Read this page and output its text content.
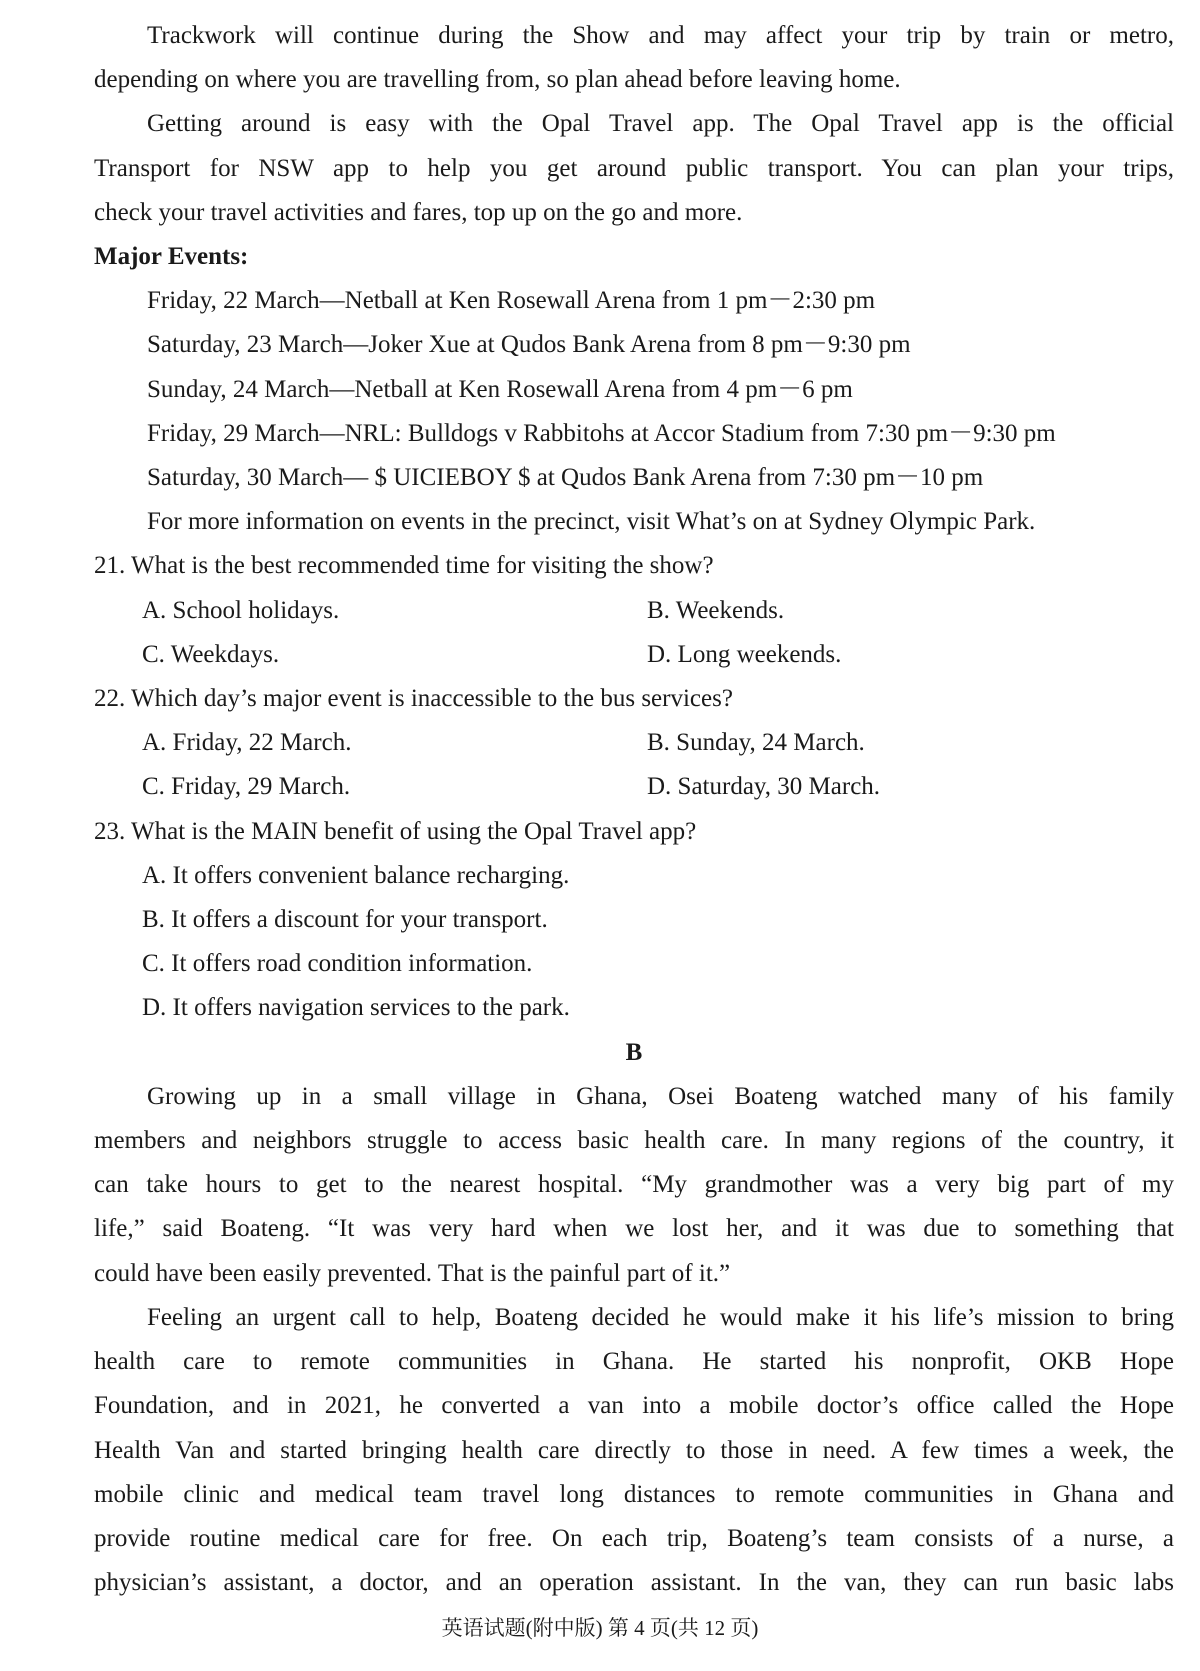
Trackwork will continue during the Show and may affect your trip by train or metro,

depending on where you are travelling from, so plan ahead before leaving home.

Getting around is easy with the Opal Travel app. The Opal Travel app is the official

Transport for NSW app to help you get around public transport. You can plan your trips,

check your travel activities and fares, top up on the go and more.

Major Events:

Friday, 22 March—Netball at Ken Rosewall Arena from 1 pm－2:30 pm

Saturday, 23 March—Joker Xue at Qudos Bank Arena from 8 pm－9:30 pm

Sunday, 24 March—Netball at Ken Rosewall Arena from 4 pm－6 pm

Friday, 29 March—NRL: Bulldogs v Rabbitohs at Accor Stadium from 7:30 pm－9:30 pm

Saturday, 30 March— $ UICIEBOY $ at Qudos Bank Arena from 7:30 pm－10 pm

For more information on events in the precinct, visit What’s on at Sydney Olympic Park.

21. What is the best recommended time for visiting the show?

A. School holidays.	B. Weekends.
C. Weekdays.	D. Long weekends.

22. Which day’s major event is inaccessible to the bus services?

A. Friday, 22 March.	B. Sunday, 24 March.
C. Friday, 29 March.	D. Saturday, 30 March.

23. What is the MAIN benefit of using the Opal Travel app?

A. It offers convenient balance recharging.

B. It offers a discount for your transport.

C. It offers road condition information.

D. It offers navigation services to the park.

B

Growing up in a small village in Ghana, Osei Boateng watched many of his family

members and neighbors struggle to access basic health care. In many regions of the country, it

can take hours to get to the nearest hospital. “My grandmother was a very big part of my

life,” said Boateng. “It was very hard when we lost her, and it was due to something that

could have been easily prevented. That is the painful part of it.”

Feeling an urgent call to help, Boateng decided he would make it his life’s mission to bring

health care to remote communities in Ghana. He started his nonprofit, OKB Hope

Foundation, and in 2021, he converted a van into a mobile doctor’s office called the Hope

Health Van and started bringing health care directly to those in need. A few times a week, the

mobile clinic and medical team travel long distances to remote communities in Ghana and

provide routine medical care for free. On each trip, Boateng’s team consists of a nurse, a

physician’s assistant, a doctor, and an operation assistant. In the van, they can run basic labs

英语试题(附中版) 第 4 页(共 12 页)
